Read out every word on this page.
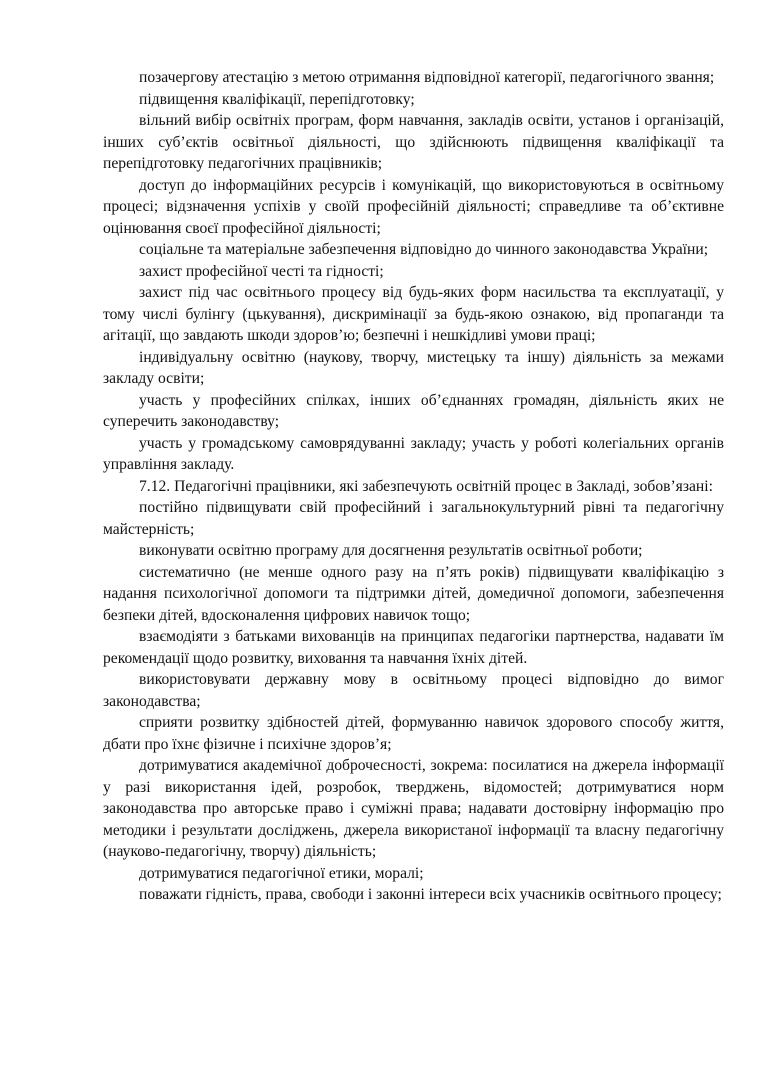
позачергову атестацію з метою отримання відповідної категорії, педагогічного звання;

підвищення кваліфікації, перепідготовку;

вільний вибір освітніх програм, форм навчання, закладів освіти, установ і організацій, інших суб’єктів освітньої діяльності, що здійснюють підвищення кваліфікації та перепідготовку педагогічних працівників;

доступ до інформаційних ресурсів і комунікацій, що використовуються в освітньому процесі; відзначення успіхів у своїй професійній діяльності; справедливе та об’єктивне оцінювання своєї професійної діяльності;

соціальне та матеріальне забезпечення відповідно до чинного законодавства України;

захист професійної честі та гідності;

захист під час освітнього процесу від будь-яких форм насильства та експлуатації, у тому числі булінгу (цькування), дискримінації за будь-якою ознакою, від пропаганди та агітації, що завдають шкоди здоров’ю; безпечні і нешкідливі умови праці;

індивідуальну освітню (наукову, творчу, мистецьку та іншу) діяльність за межами закладу освіти;

участь у професійних спілках, інших об’єднаннях громадян, діяльність яких не суперечить законодавству;

участь у громадському самоврядуванні закладу; участь у роботі колегіальних органів управління закладу.

7.12. Педагогічні працівники, які забезпечують освітній процес в Закладі, зобов’язані:

постійно підвищувати свій професійний і загальнокультурний рівні та педагогічну майстерність;

виконувати освітню програму для досягнення результатів освітньої роботи;

систематично (не менше одного разу на п’ять років) підвищувати кваліфікацію з надання психологічної допомоги та підтримки дітей, домедичної допомоги, забезпечення безпеки дітей, вдосконалення цифрових навичок тощо;

взаємодіяти з батьками вихованців на принципах педагогіки партнерства, надавати їм рекомендації щодо розвитку, виховання та навчання їхніх дітей.

використовувати державну мову в освітньому процесі відповідно до вимог законодавства;

сприяти розвитку здібностей дітей, формуванню навичок здорового способу життя, дбати про їхнє фізичне і психічне здоров’я;

дотримуватися академічної доброчесності, зокрема: посилатися на джерела інформації у разі використання ідей, розробок, тверджень, відомостей; дотримуватися норм законодавства про авторське право і суміжні права; надавати достовірну інформацію про методики і результати досліджень, джерела використаної інформації та власну педагогічну (науково-педагогічну, творчу) діяльність;

дотримуватися педагогічної етики, моралі;

поважати гідність, права, свободи і законні інтереси всіх учасників освітнього процесу;
